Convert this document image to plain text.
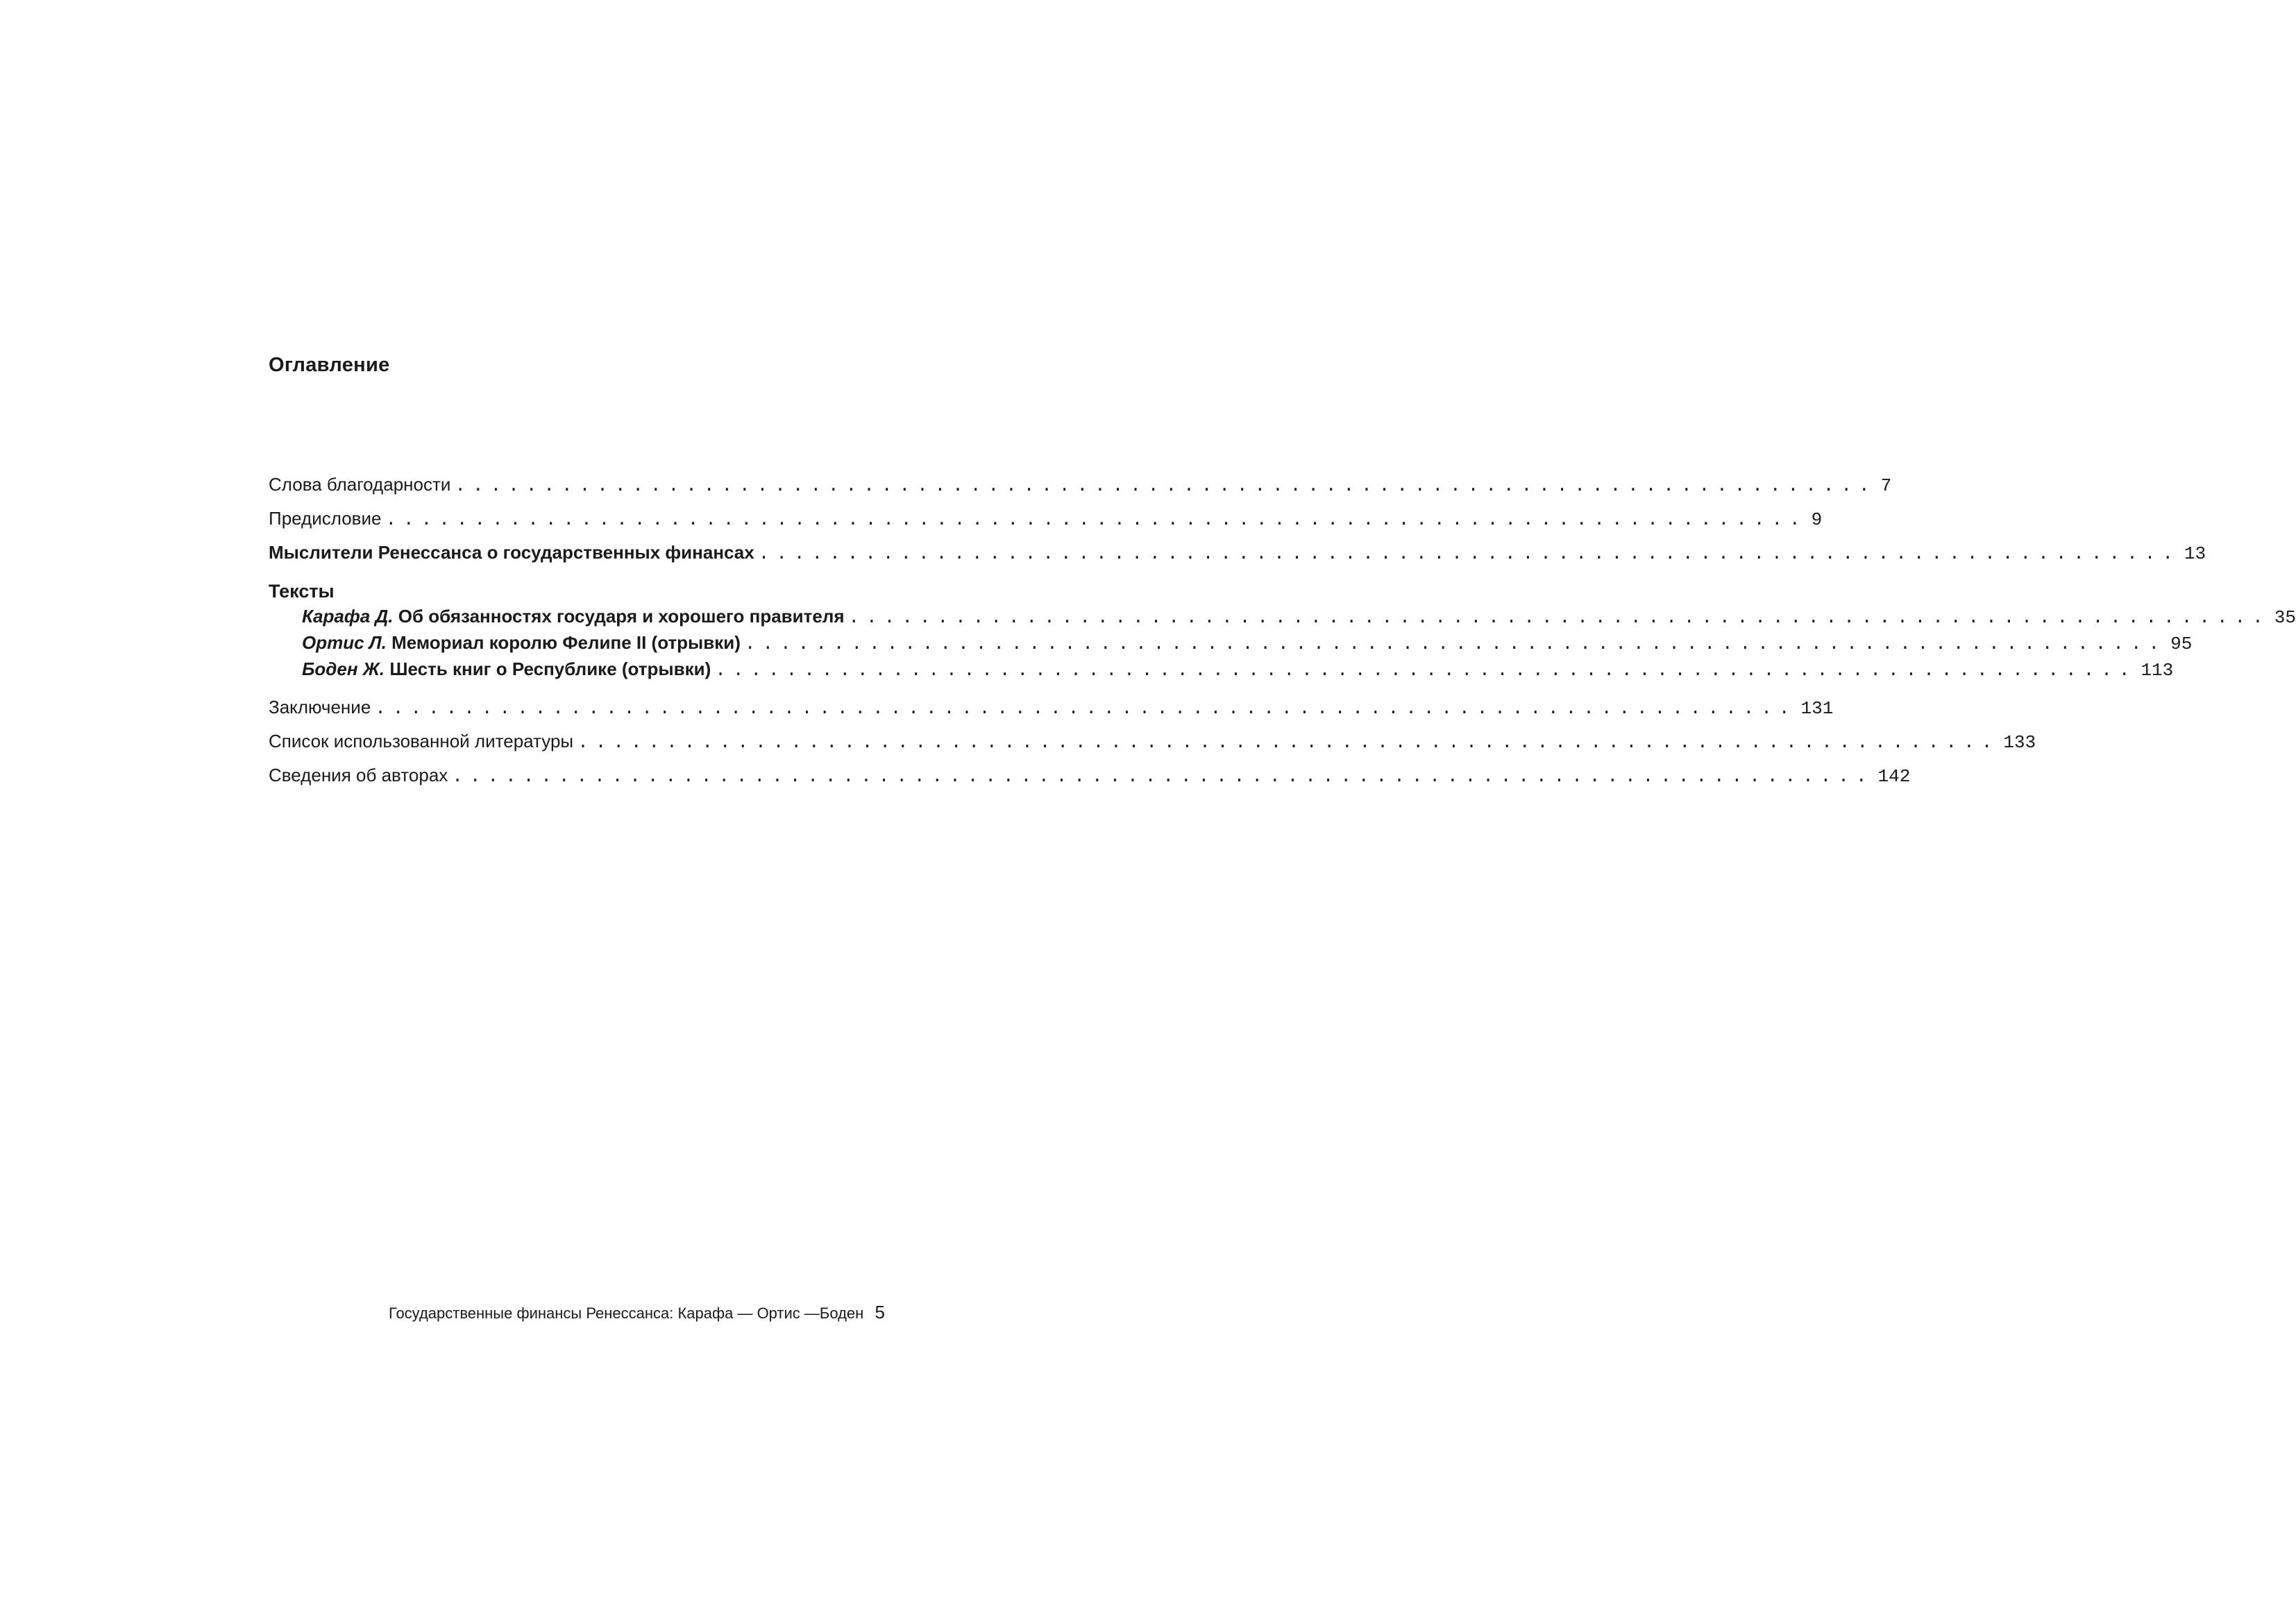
Оглавление
Слова благодарности ................................................................................ 7
Предисловие ................................................................................ 9
Мыслители Ренессанса о государственных финансах ................................................................................ 13
Тексты
Карафа Д. Об обязанностях государя и хорошего правителя ................................................................................ 35
Ортис Л. Мемориал королю Фелипе II (отрывки) ................................................................................ 95
Боден Ж. Шесть книг о Республике (отрывки) ................................................................................ 113
Заключение ................................................................................ 131
Список использованной литературы ................................................................................ 133
Сведения об авторах ................................................................................ 142
Государственные финансы Ренессанса: Карафа — Ортис —Боден 5
